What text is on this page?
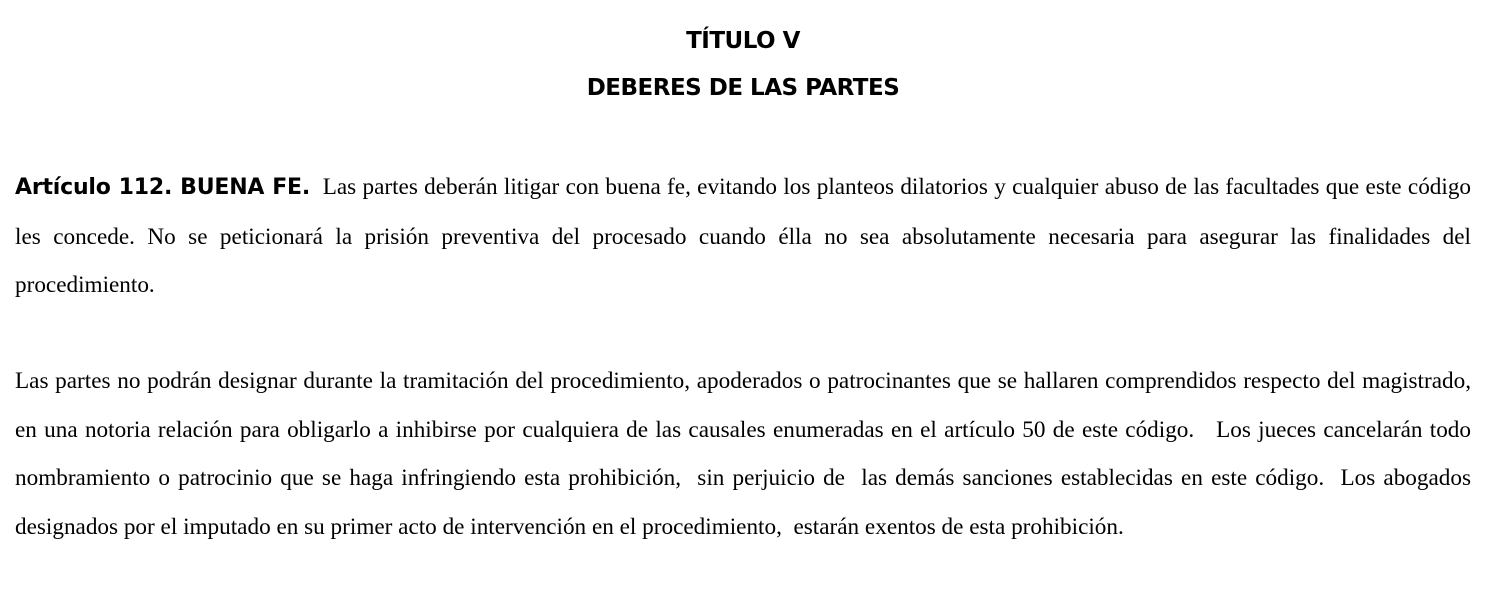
TÍTULO V
DEBERES DE LAS PARTES

Artículo 112. BUENA FE. Las partes deberán litigar con buena fe, evitando los planteos dilatorios y cualquier abuso de las facultades que este código les concede. No se peticionará la prisión preventiva del procesado cuando élla no sea absolutamente necesaria para asegurar las finalidades del procedimiento.

Las partes no podrán designar durante la tramitación del procedimiento, apoderados o patrocinantes que se hallaren comprendidos respecto del magistrado,  en una notoria relación para obligarlo a inhibirse por cualquiera de las causales enumeradas en el artículo 50 de este código.   Los jueces cancelarán todo nombramiento o patrocinio que se haga infringiendo esta prohibición,  sin perjuicio de  las demás sanciones establecidas en este código.  Los abogados designados por el imputado en su primer acto de intervención en el procedimiento,  estarán exentos de esta prohibición.
